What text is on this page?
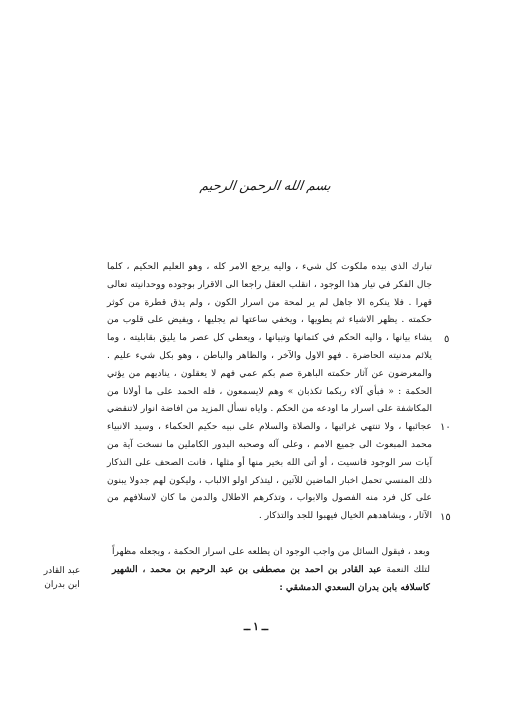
بسم الله الرحمن الرحيم

تبارك الذي بيده ملكوت كل شيء ، واليه يرجع الامر كله ، وهو العليم الحكيم ، كلما جال الفكر في تيار هذا الوجود ، انقلب العقل راجعا الى الاقرار بوجوده ووحدانيته تعالى قهرا . فلا ينكره الا جاهل لم ير لمحة من اسرار الكون ، ولم يذق قطرة من كوثر حكمته . يظهر الاشياء ثم يطويها ، ويخفي ساعتها ثم يجليها ، ويفيض على قلوب من يشاء بيانها ، واليه الحكم في كتمانها وتبيانها ، ويعطي كل عصر ما يليق بقابليته ، وما يلائم مدنيته الحاضرة . فهو الاول والآخر ، والظاهر والباطن ، وهو بكل شيء عليم . والمعرضون عن آثار حكمته الباهرة صم بكم عمي فهم لا يعقلون ، يناديهم من يؤتي الحكمة : « فبأي آلاء ربكما تكذبان » وهم لايسمعون ، فله الحمد على ما أولانا من المكاشفة على اسرار ما اودعه من الحكم . واياه نسأل المزيد من افاضة انوار لاتنقضي عجائبها ، ولا تنتهي غرائبها ، والصلاة والسلام على نبيه حكيم الحكماء ، وسيد الانبياء محمد المبعوث الى جميع الامم ، وعلى آله وصحبه البدور الكاملين ما نسخت آية من آيات سر الوجود فانسيت ، أو أتى الله بخير منها أو مثلها ، فانت الصحف على التذكار ذلك المنسي تحمل اخبار الماضين للآتين ، ليتذكر اولو الالباب ، وليكون لهم جدولا يبنون على كل فرد منه الفصول والابواب ، وتذكرهم الاطلال والدمن ما كان لاسلافهم من الآثار ، ويشاهدهم الخيال فيهبوا للجد والتذكار .

٥
١٠
١٥

وبعد ، فيقول السائل من واجب الوجود ان يطلعه على اسرار الحكمة ، ويجعله مظهراً لتلك النعمة عبد القادر بن احمد بن مصطفى بن عبد الرحيم بن محمد ، الشهير كاسلافه بابن بدران السعدي الدمشقي :

عبد القادر
ابن بدران
ــ ١ ــ
